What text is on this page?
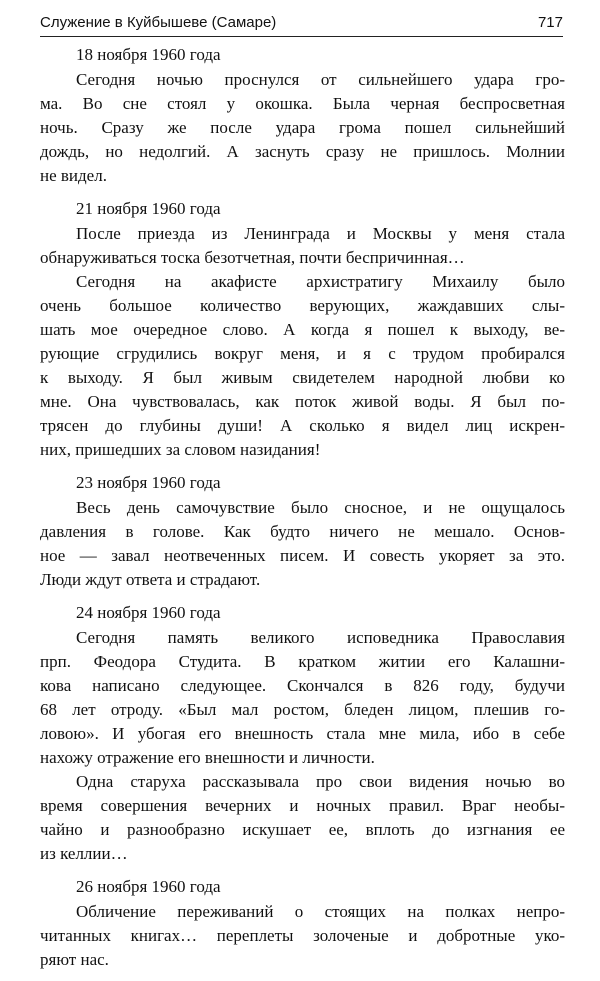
Служение в Куйбышеве (Самаре)	717
18 ноября 1960 года

Сегодня ночью проснулся от сильнейшего удара гро-
ма. Во сне стоял у окошка. Была черная беспросветная
ночь. Сразу же после удара грома пошел сильнейший
дождь, но недолгий. А заснуть сразу не пришлось. Молнии
не видел.

21 ноября 1960 года

После приезда из Ленинграда и Москвы у меня стала
обнаруживаться тоска безотчетная, почти беспричинная…

Сегодня на акафисте архистратигу Михаилу было
очень большое количество верующих, жаждавших слы-
шать мое очередное слово. А когда я пошел к выходу, ве-
рующие сгрудились вокруг меня, и я с трудом пробирался
к выходу. Я был живым свидетелем народной любви ко
мне. Она чувствовалась, как поток живой воды. Я был по-
трясен до глубины души! А сколько я видел лиц искрен-
них, пришедших за словом назидания!

23 ноября 1960 года

Весь день самочувствие было сносное, и не ощущалось
давления в голове. Как будто ничего не мешало. Основ-
ное — завал неотвеченных писем. И совесть укоряет за это.
Люди ждут ответа и страдают.

24 ноября 1960 года

Сегодня память великого исповедника Православия
прп. Феодора Студита. В кратком житии его Калашни-
кова написано следующее. Скончался в 826 году, будучи
68 лет отроду. «Был мал ростом, бледен лицом, плешив го-
ловою». И убогая его внешность стала мне мила, ибо в себе
нахожу отражение его внешности и личности.

Одна старуха рассказывала про свои видения ночью во
время совершения вечерних и ночных правил. Враг необы-
чайно и разнообразно искушает ее, вплоть до изгнания ее
из келлии…

26 ноября 1960 года

Обличение переживаний о стоящих на полках непро-
читанных книгах… переплеты золоченые и добротные уко-
ряют нас.
